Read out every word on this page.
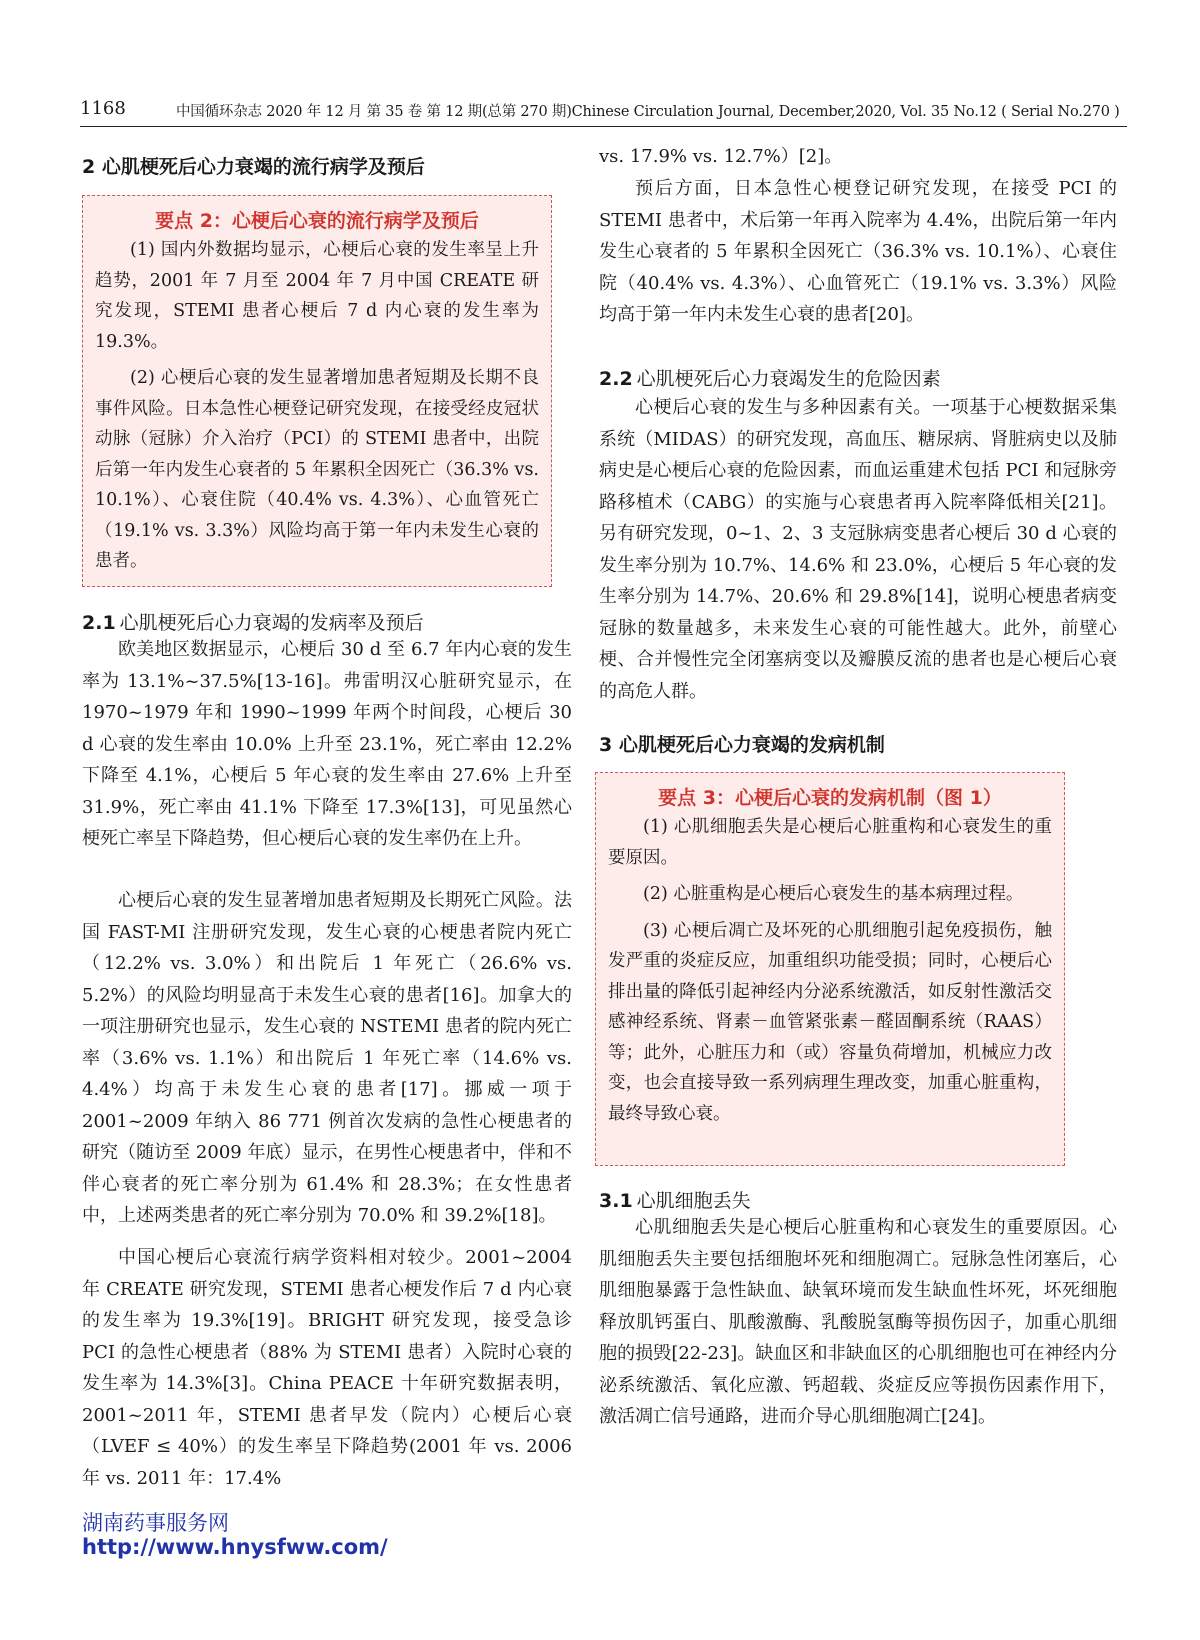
1168	中国循环杂志 2020 年 12 月 第 35 卷 第 12 期(总第 270 期)Chinese Circulation Journal, December,2020, Vol. 35 No.12 ( Serial No.270 )
2 心肌梗死后心力衰竭的流行病学及预后
要点 2：心梗后心衰的流行病学及预后

(1) 国内外数据均显示，心梗后心衰的发生率呈上升趋势，2001 年 7 月至 2004 年 7 月中国 CREATE 研究发现，STEMI 患者心梗后 7 d 内心衰的发生率为 19.3%。

(2) 心梗后心衰的发生显著增加患者短期及长期不良事件风险。日本急性心梗登记研究发现，在接受经皮冠状动脉（冠脉）介入治疗（PCI）的 STEMI 患者中，出院后第一年内发生心衰者的 5 年累积全因死亡（36.3% vs. 10.1%）、心衰住院（40.4% vs. 4.3%）、心血管死亡（19.1% vs. 3.3%）风险均高于第一年内未发生心衰的患者。

2.1 心肌梗死后心力衰竭的发病率及预后
欧美地区数据显示，心梗后 30 d 至 6.7 年内心衰的发生率为 13.1%~37.5%[13-16]。弗雷明汉心脏研究显示，在 1970~1979 年和 1990~1999 年两个时间段，心梗后 30 d 心衰的发生率由 10.0% 上升至 23.1%，死亡率由 12.2% 下降至 4.1%，心梗后 5 年心衰的发生率由 27.6% 上升至 31.9%，死亡率由 41.1% 下降至 17.3%[13]，可见虽然心梗死亡率呈下降趋势，但心梗后心衰的发生率仍在上升。
心梗后心衰的发生显著增加患者短期及长期死亡风险。法国 FAST-MI 注册研究发现，发生心衰的心梗患者院内死亡（12.2% vs. 3.0%）和出院后 1 年死亡（26.6% vs. 5.2%）的风险均明显高于未发生心衰的患者[16]。加拿大的一项注册研究也显示，发生心衰的 NSTEMI 患者的院内死亡率（3.6% vs. 1.1%）和出院后 1 年死亡率（14.6% vs. 4.4%）均高于未发生心衰的患者[17]。挪威一项于 2001~2009 年纳入 86 771 例首次发病的急性心梗患者的研究（随访至 2009 年底）显示，在男性心梗患者中，伴和不伴心衰者的死亡率分别为 61.4% 和 28.3%；在女性患者中，上述两类患者的死亡率分别为 70.0% 和 39.2%[18]。
中国心梗后心衰流行病学资料相对较少。2001~2004 年 CREATE 研究发现，STEMI 患者心梗发作后 7 d 内心衰的发生率为 19.3%[19]。BRIGHT 研究发现，接受急诊 PCI 的急性心梗患者（88% 为 STEMI 患者）入院时心衰的发生率为 14.3%[3]。China PEACE 十年研究数据表明，2001~2011 年，STEMI 患者早发（院内）心梗后心衰（LVEF ≤ 40%）的发生率呈下降趋势(2001 年 vs. 2006 年 vs. 2011 年：17.4%
vs. 17.9% vs. 12.7%）[2]。
预后方面，日本急性心梗登记研究发现，在接受 PCI 的 STEMI 患者中，术后第一年再入院率为 4.4%，出院后第一年内发生心衰者的 5 年累积全因死亡（36.3% vs. 10.1%）、心衰住院（40.4% vs. 4.3%）、心血管死亡（19.1% vs. 3.3%）风险均高于第一年内未发生心衰的患者[20]。
2.2 心肌梗死后心力衰竭发生的危险因素
心梗后心衰的发生与多种因素有关。一项基于心梗数据采集系统（MIDAS）的研究发现，高血压、糖尿病、肾脏病史以及肺病史是心梗后心衰的危险因素，而血运重建术包括 PCI 和冠脉旁路移植术（CABG）的实施与心衰患者再入院率降低相关[21]。另有研究发现，0~1、2、3 支冠脉病变患者心梗后 30 d 心衰的发生率分别为 10.7%、14.6% 和 23.0%，心梗后 5 年心衰的发生率分别为 14.7%、20.6% 和 29.8%[14]，说明心梗患者病变冠脉的数量越多，未来发生心衰的可能性越大。此外，前壁心梗、合并慢性完全闭塞病变以及瓣膜反流的患者也是心梗后心衰的高危人群。
3 心肌梗死后心力衰竭的发病机制
要点 3：心梗后心衰的发病机制（图 1）

(1) 心肌细胞丢失是心梗后心脏重构和心衰发生的重要原因。

(2) 心脏重构是心梗后心衰发生的基本病理过程。

(3) 心梗后凋亡及坏死的心肌细胞引起免疫损伤，触发严重的炎症反应，加重组织功能受损；同时，心梗后心排出量的降低引起神经内分泌系统激活，如反射性激活交感神经系统、肾素－血管紧张素－醛固酮系统（RAAS）等；此外，心脏压力和（或）容量负荷增加，机械应力改变，也会直接导致一系列病理生理改变，加重心脏重构，最终导致心衰。

3.1 心肌细胞丢失
心肌细胞丢失是心梗后心脏重构和心衰发生的重要原因。心肌细胞丢失主要包括细胞坏死和细胞凋亡。冠脉急性闭塞后，心肌细胞暴露于急性缺血、缺氧环境而发生缺血性坏死，坏死细胞释放肌钙蛋白、肌酸激酶、乳酸脱氢酶等损伤因子，加重心肌细胞的损毁[22-23]。缺血区和非缺血区的心肌细胞也可在神经内分泌系统激活、氧化应激、钙超载、炎症反应等损伤因素作用下，激活凋亡信号通路，进而介导心肌细胞凋亡[24]。
湖南药事服务网
http://www.hnysfww.com/
